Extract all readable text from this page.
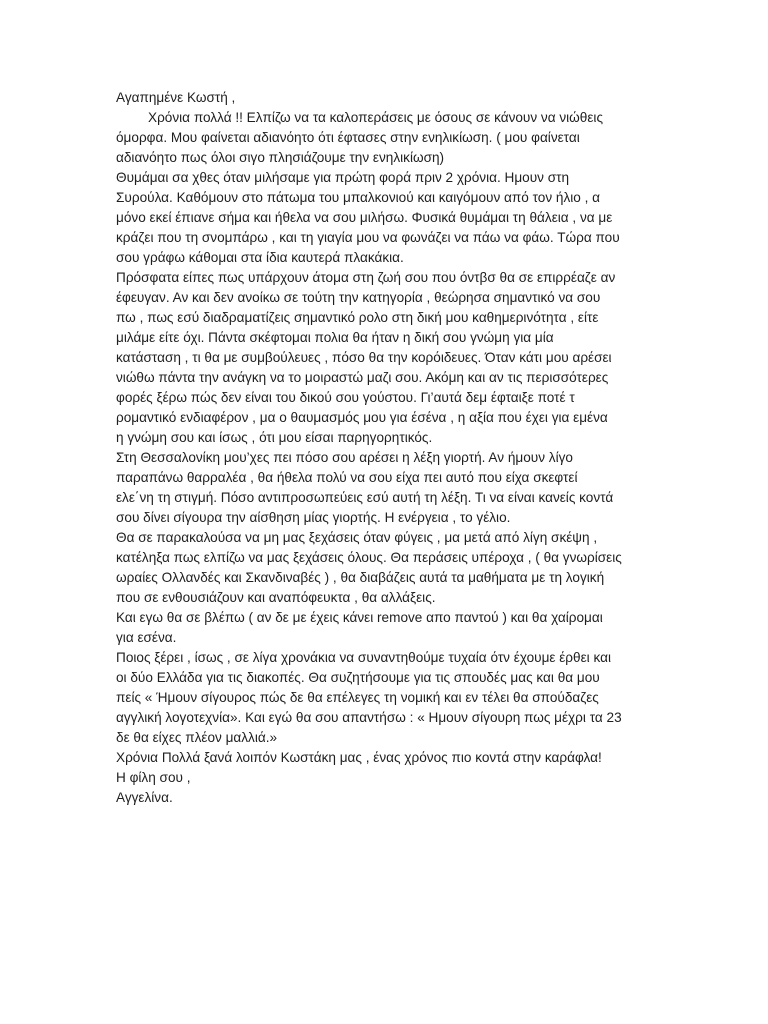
Αγαπημένε Κωστή ,

Χρόνια πολλά !! Ελπίζω να τα καλοπεράσεις με όσους σε κάνουν να νιώθεις

όμορφα. Μου φαίνεται αδιανόητο ότι έφτασες στην ενηλικίωση. ( μου φαίνεται

αδιανόητο πως όλοι σιγο πλησιάζουμε την ενηλικίωση)

Θυμάμαι σα χθες όταν μιλήσαμε για πρώτη φορά πριν 2 χρόνια. Ημουν στη

Συρούλα. Καθόμουν στο πάτωμα του μπαλκονιού και καιγόμουν από τον ήλιο , α

μόνο εκεί έπιανε σήμα και ήθελα να σου μιλήσω. Φυσικά θυμάμαι τη θάλεια , να με

κράζει που τη σνομπάρω , και τη γιαγία μου να φωνάζει να πάω να φάω. Τώρα που

σου γράφω κάθομαι στα ίδια καυτερά πλακάκια.

Πρόσφατα είπες πως υπάρχουν άτομα στη ζωή σου που όντβσ θα σε επιρρέαζε αν

έφευγαν. Αν και δεν ανοίκω σε τούτη την κατηγορία , θεώρησα σημαντικό να σου

πω , πως εσύ διαδραματίζεις σημαντικό ρολο στη δική μου καθημερινότητα , είτε

μιλάμε είτε όχι. Πάντα σκέφτομαι πολια θα ήταν η δική σου γνώμη για μία

κατάσταση , τι θα με συμβούλευες , πόσο θα την κορόιδευες. Όταν κάτι μου αρέσει

νιώθω πάντα την ανάγκη να το μοιραστώ μαζι σου. Ακόμη και αν τις περισσότερες

φορές ξέρω πώς δεν είναι του δικού σου γούστου. Γι’αυτά δεμ έφταιξε ποτέ τ

ρομαντικό ενδιαφέρον , μα ο θαυμασμός μου για έσένα , η αξία που έχει για εμένα

η γνώμη σου και ίσως , ότι μου είσαι παρηγορητικός.

Στη Θεσσαλονίκη μου’χες πει πόσο σου αρέσει η λέξη γιορτή. Αν ήμουν λίγο

παραπάνω θαρραλέα , θα ήθελα πολύ να σου είχα πει αυτό που είχα σκεφτεί

ελε΄νη τη στιγμή. Πόσο αντιπροσωπεύεις εσύ αυτή τη λέξη. Τι να είναι κανείς κοντά

σου δίνει σίγουρα την αίσθηση μίας γιορτής. Η ενέργεια , το γέλιο.

Θα σε παρακαλούσα να μη μας ξεχάσεις όταν φύγεις , μα μετά από λίγη σκέψη ,

κατέληξα πως ελπίζω να μας ξεχάσεις όλους. Θα περάσεις υπέροχα , ( θα γνωρίσεις

ωραίες Ολλανδές και Σκανδιναβές ) , θα διαβάζεις αυτά τα μαθήματα με τη λογική

που σε ενθουσιάζουν και αναπόφευκτα , θα αλλάξεις.

Και εγω θα σε βλέπω ( αν δε με έχεις κάνει remove απο παντού ) και θα χαίρομαι

για εσένα.

Ποιος ξέρει , ίσως , σε λίγα χρονάκια να συναντηθούμε τυχαία ότν έχουμε έρθει και

οι δύο Ελλάδα για τις διακοπές. Θα συζητήσουμε για τις σπουδές μας και θα μου

πείς « Ήμουν σίγουρος πώς δε θα επέλεγες τη νομική και εν τέλει θα σπούδαζες

αγγλική λογοτεχνία». Και εγώ θα σου απαντήσω : « Ημουν σίγουρη πως μέχρι τα 23

δε θα είχες πλέον μαλλιά.»

Χρόνια Πολλά ξανά λοιπόν Κωστάκη μας , ένας χρόνος πιο κοντά στην καράφλα!

Η φίλη σου ,

Αγγελίνα.
